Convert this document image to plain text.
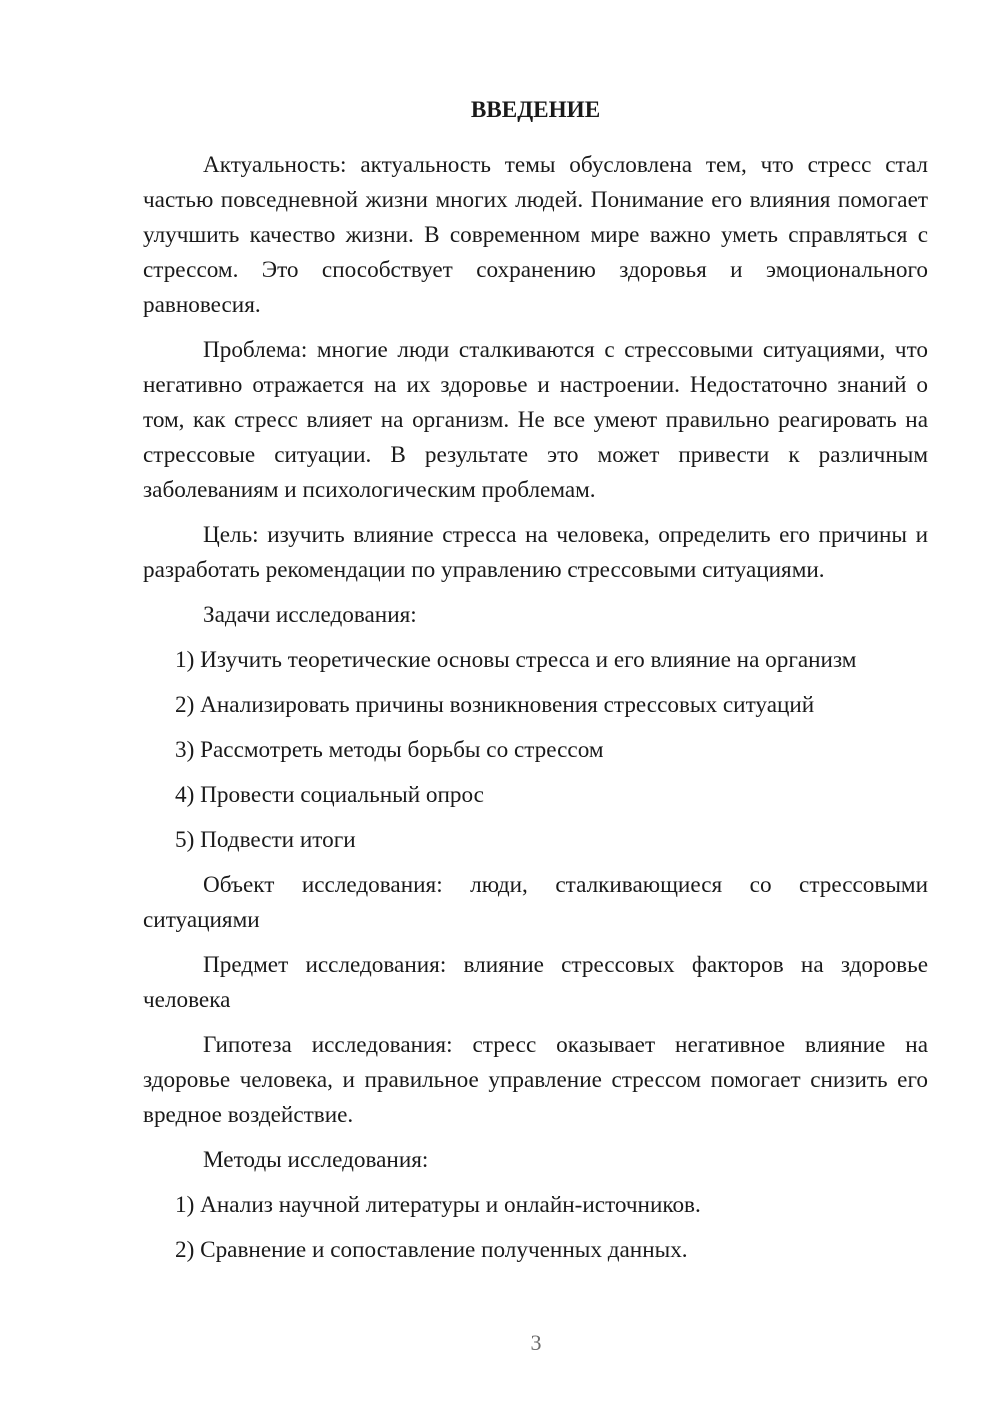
ВВЕДЕНИЕ

Актуальность: актуальность темы обусловлена тем, что стресс стал частью повседневной жизни многих людей. Понимание его влияния помогает улучшить качество жизни. В современном мире важно уметь справляться с стрессом. Это способствует сохранению здоровья и эмоционального равновесия.

Проблема: многие люди сталкиваются с стрессовыми ситуациями, что негативно отражается на их здоровье и настроении. Недостаточно знаний о том, как стресс влияет на организм. Не все умеют правильно реагировать на стрессовые ситуации. В результате это может привести к различным заболеваниям и психологическим проблемам.

Цель: изучить влияние стресса на человека, определить его причины и разработать рекомендации по управлению стрессовыми ситуациями.

Задачи исследования:

1) Изучить теоретические основы стресса и его влияние на организм
2) Анализировать причины возникновения стрессовых ситуаций
3) Рассмотреть методы борьбы со стрессом
4) Провести социальный опрос
5) Подвести итоги

Объект исследования: люди, сталкивающиеся со стрессовыми ситуациями

Предмет исследования: влияние стрессовых факторов на здоровье человека

Гипотеза исследования: стресс оказывает негативное влияние на здоровье человека, и правильное управление стрессом помогает снизить его вредное воздействие.

Методы исследования:

1) Анализ научной литературы и онлайн-источников.
2) Сравнение и сопоставление полученных данных.
3
